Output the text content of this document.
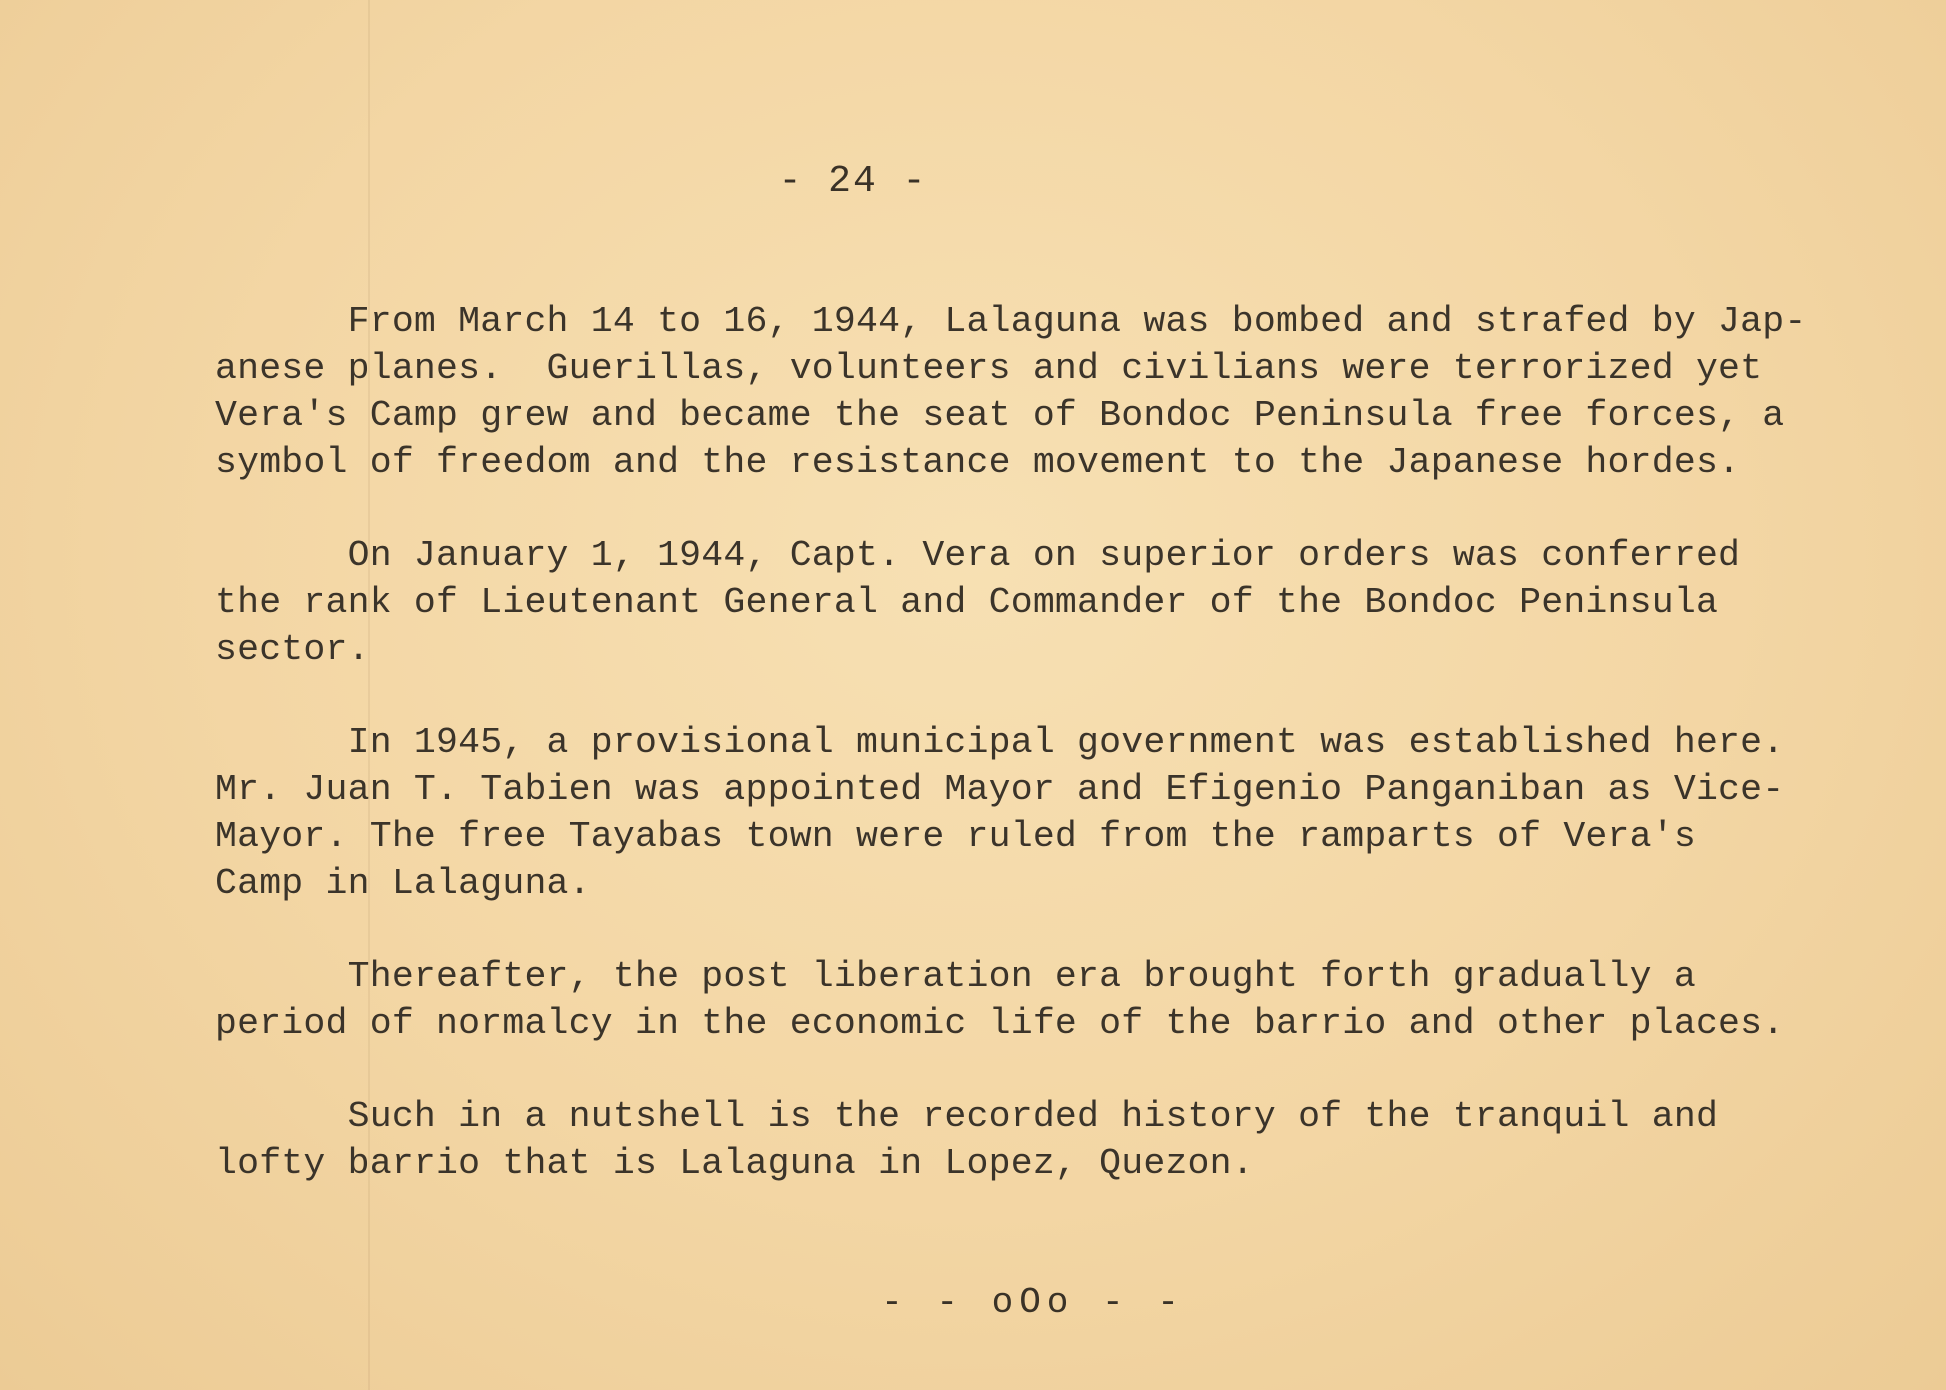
- 24 -

From March 14 to 16, 1944, Lalaguna was bombed and strafed by Jap-
anese planes.  Guerillas, volunteers and civilians were terrorized yet
Vera's Camp grew and became the seat of Bondoc Peninsula free forces, a
symbol of freedom and the resistance movement to the Japanese hordes.

On January 1, 1944, Capt. Vera on superior orders was conferred
the rank of Lieutenant General and Commander of the Bondoc Peninsula
sector.

In 1945, a provisional municipal government was established here.
Mr. Juan T. Tabien was appointed Mayor and Efigenio Panganiban as Vice-
Mayor. The free Tayabas town were ruled from the ramparts of Vera's
Camp in Lalaguna.

Thereafter, the post liberation era brought forth gradually a
period of normalcy in the economic life of the barrio and other places.

Such in a nutshell is the recorded history of the tranquil and
lofty barrio that is Lalaguna in Lopez, Quezon.

- - oOo - -
